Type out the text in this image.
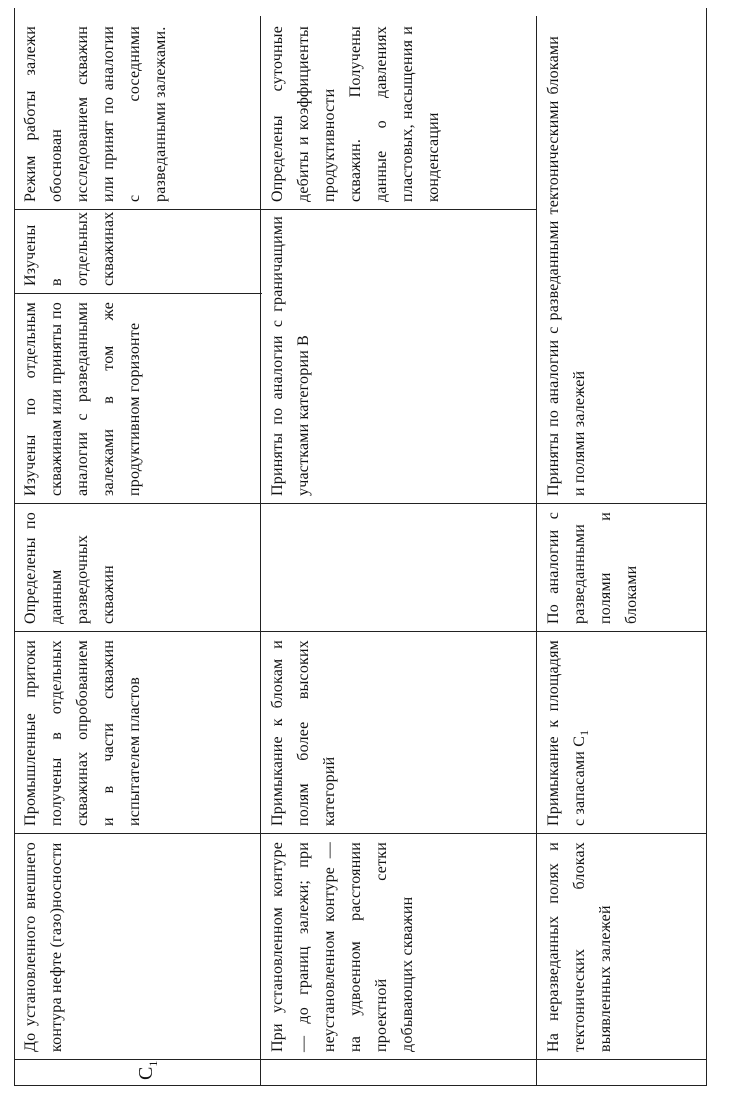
$C_1$
До установленного внешнего контура нефте (газо)носности
Промышленные притоки получены в отдельных скважинах опробованием и в части скважин испытателем пластов
Определены по данным разведочных скважин
Изучены по отдельным скважинам или приняты по аналогии с разведанными залежами в том же продуктивном горизонте
Изучены в отдельных скважинах
Режим работы залежи обоснован исследованием скважин или принят по аналогии с соседними разведанными залежами.
При установленном контуре — до границ залежи; при неустановленном контуре — на удвоенном расстоянии проектной сетки добывающих скважин
Примыкание к блокам и полям более высоких категорий
Приняты по аналогии с граничащими участками категории В
Определены суточные дебиты и коэффициенты продуктивности скважин. Получены данные о давлениях пластовых, насыщения и конденсации
На неразведанных полях и тектонических блоках выявленных залежей
Примыкание к площадям с запасами $C_1$
По аналогии с разведанными полями и блоками
Приняты по аналогии с разведанными тектоническими блоками и полями залежей
